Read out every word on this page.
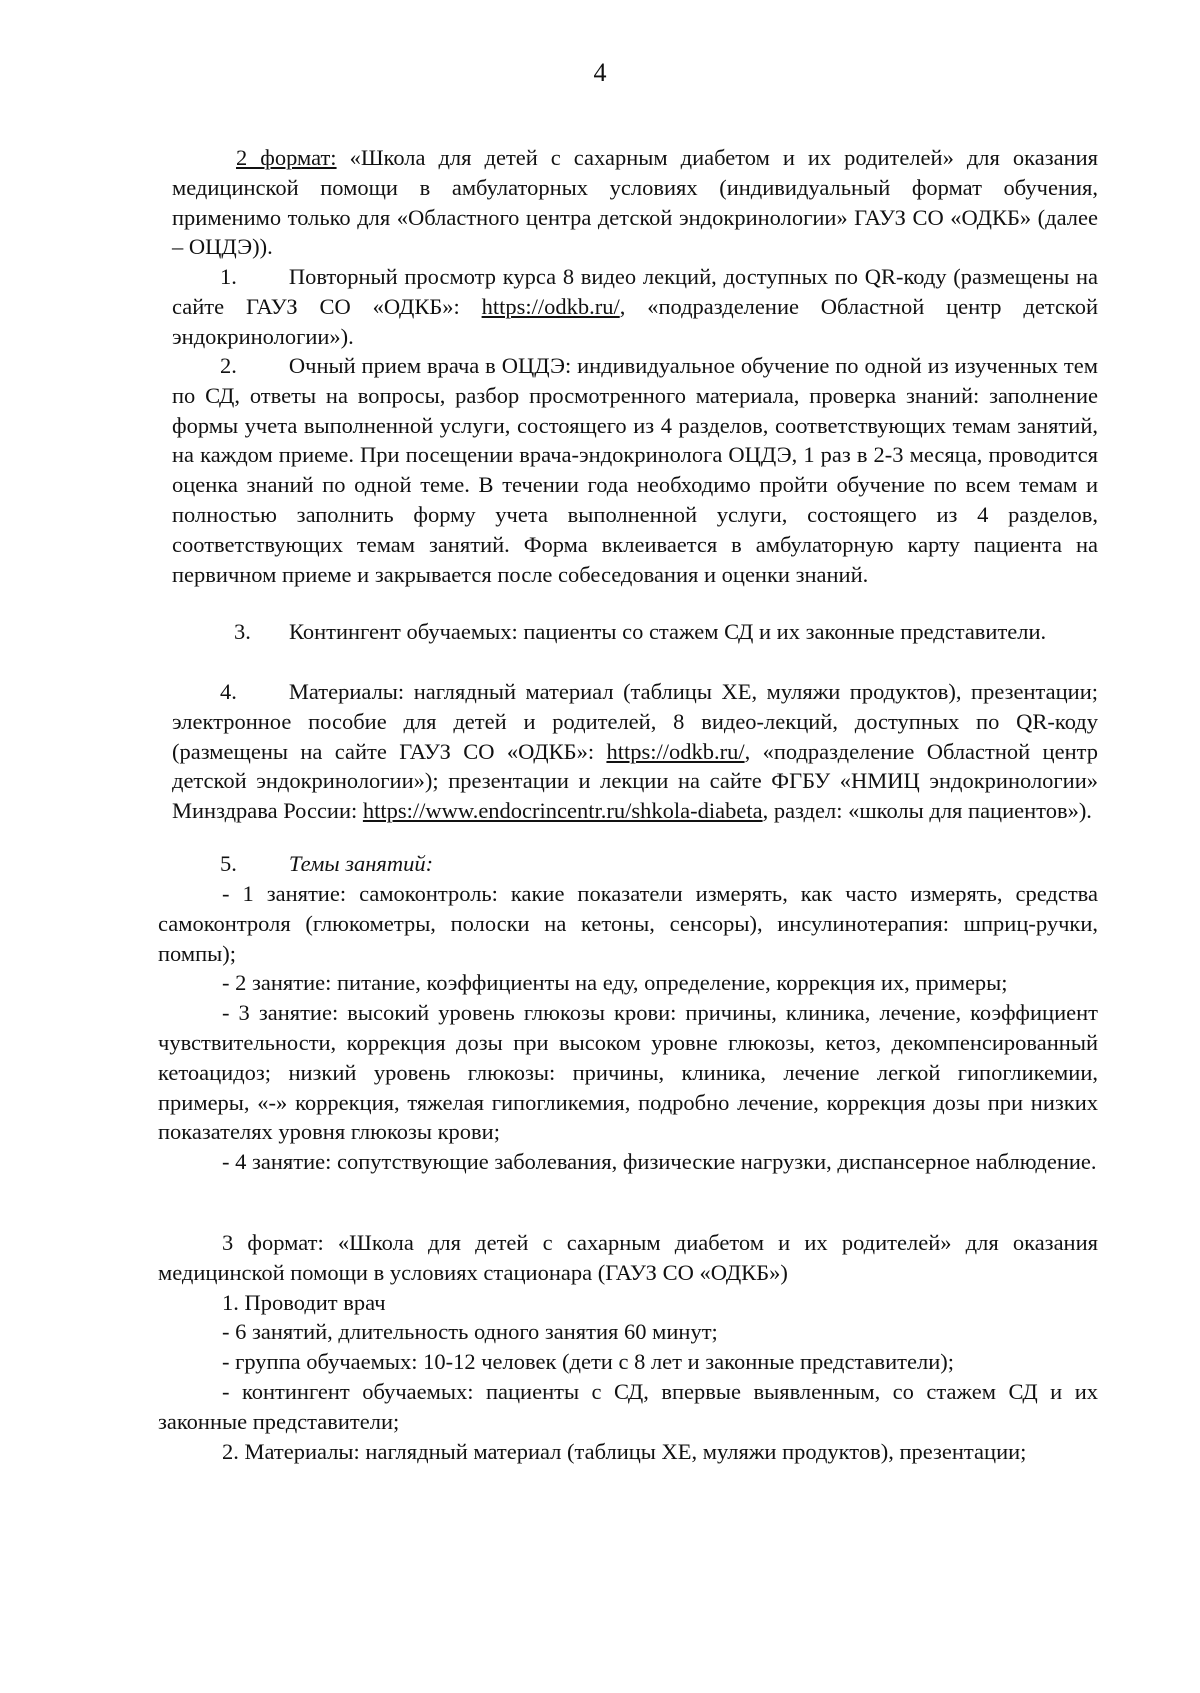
4

2 формат: «Школа для детей с сахарным диабетом и их родителей» для оказания медицинской помощи в амбулаторных условиях (индивидуальный формат обучения, применимо только для «Областного центра детской эндокринологии» ГАУЗ СО «ОДКБ» (далее – ОЦДЭ)).

1. Повторный просмотр курса 8 видео лекций, доступных по QR-коду (размещены на сайте ГАУЗ СО «ОДКБ»: https://odkb.ru/, «подразделение Областной центр детской эндокринологии»).

2. Очный прием врача в ОЦДЭ: индивидуальное обучение по одной из изученных тем по СД, ответы на вопросы, разбор просмотренного материала, проверка знаний: заполнение формы учета выполненной услуги, состоящего из 4 разделов, соответствующих темам занятий, на каждом приеме. При посещении врача-эндокринолога ОЦДЭ, 1 раз в 2-3 месяца, проводится оценка знаний по одной теме. В течении года необходимо пройти обучение по всем темам и полностью заполнить форму учета выполненной услуги, состоящего из 4 разделов, соответствующих темам занятий. Форма вклеивается в амбулаторную карту пациента на первичном приеме и закрывается после собеседования и оценки знаний.

3. Контингент обучаемых: пациенты со стажем СД и их законные представители.

4. Материалы: наглядный материал (таблицы ХЕ, муляжи продуктов), презентации; электронное пособие для детей и родителей, 8 видео-лекций, доступных по QR-коду (размещены на сайте ГАУЗ СО «ОДКБ»: https://odkb.ru/, «подразделение Областной центр детской эндокринологии»); презентации и лекции на сайте ФГБУ «НМИЦ эндокринологии» Минздрава России: https://www.endocrincentr.ru/shkola-diabeta, раздел: «школы для пациентов»).

5. Темы занятий:

- 1 занятие: самоконтроль: какие показатели измерять, как часто измерять, средства самоконтроля (глюкометры, полоски на кетоны, сенсоры), инсулинотерапия: шприц-ручки, помпы);

- 2 занятие: питание, коэффициенты на еду, определение, коррекция их, примеры;

- 3 занятие: высокий уровень глюкозы крови: причины, клиника, лечение, коэффициент чувствительности, коррекция дозы при высоком уровне глюкозы, кетоз, декомпенсированный кетоацидоз; низкий уровень глюкозы: причины, клиника, лечение легкой гипогликемии, примеры, «-» коррекция, тяжелая гипогликемия, подробно лечение, коррекция дозы при низких показателях уровня глюкозы крови;

- 4 занятие: сопутствующие заболевания, физические нагрузки, диспансерное наблюдение.

3 формат: «Школа для детей с сахарным диабетом и их родителей» для оказания медицинской помощи в условиях стационара (ГАУЗ СО «ОДКБ»)

1. Проводит врач

- 6 занятий, длительность одного занятия 60 минут;

- группа обучаемых: 10-12 человек (дети с 8 лет и законные представители);

- контингент обучаемых: пациенты с СД, впервые выявленным, со стажем СД и их законные представители;

2. Материалы: наглядный материал (таблицы ХЕ, муляжи продуктов), презентации;
